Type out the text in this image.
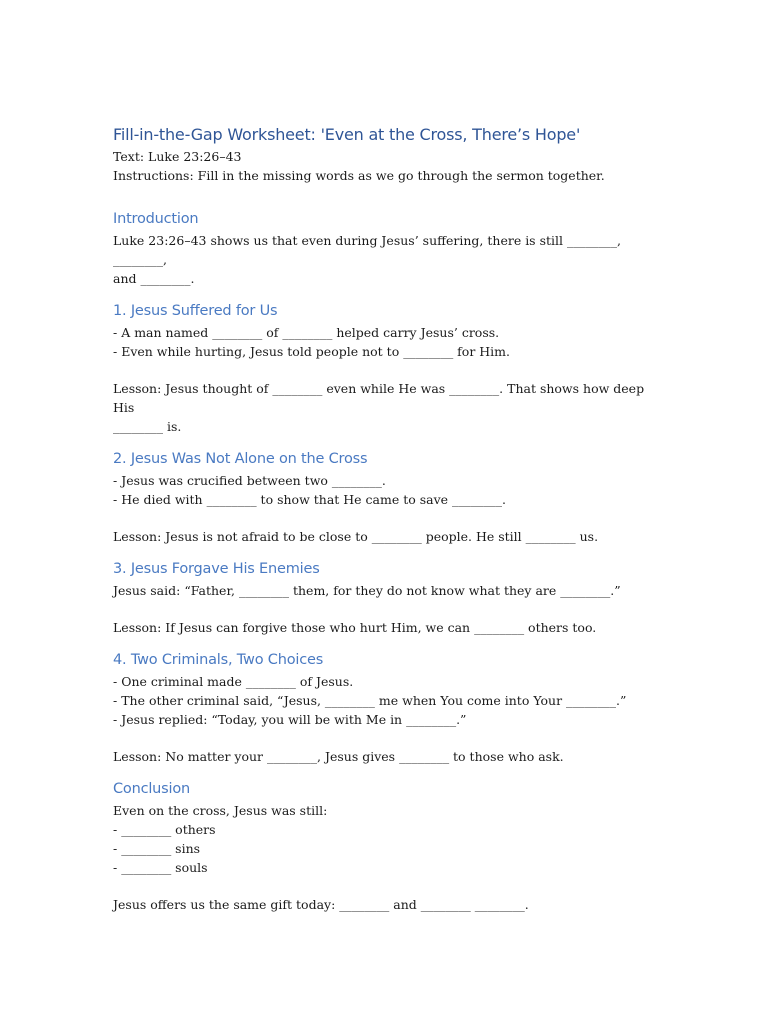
Fill-in-the-Gap Worksheet: 'Even at the Cross, There’s Hope'

Text: Luke 23:26–43

Instructions: Fill in the missing words as we go through the sermon together.

Introduction

Luke 23:26–43 shows us that even during Jesus’ suffering, there is still ________, ________,

and ________.

1. Jesus Suffered for Us

- A man named ________ of ________ helped carry Jesus’ cross.

- Even while hurting, Jesus told people not to ________ for Him.

Lesson: Jesus thought of ________ even while He was ________. That shows how deep His

________ is.

2. Jesus Was Not Alone on the Cross

- Jesus was crucified between two ________.

- He died with ________ to show that He came to save ________.

Lesson: Jesus is not afraid to be close to ________ people. He still ________ us.

3. Jesus Forgave His Enemies

Jesus said: “Father, ________ them, for they do not know what they are ________.”

Lesson: If Jesus can forgive those who hurt Him, we can ________ others too.

4. Two Criminals, Two Choices

- One criminal made ________ of Jesus.

- The other criminal said, “Jesus, ________ me when You come into Your ________.”

- Jesus replied: “Today, you will be with Me in ________.”

Lesson: No matter your ________, Jesus gives ________ to those who ask.

Conclusion

Even on the cross, Jesus was still:

- ________ others

- ________ sins

- ________ souls

Jesus offers us the same gift today: ________ and ________ ________.
